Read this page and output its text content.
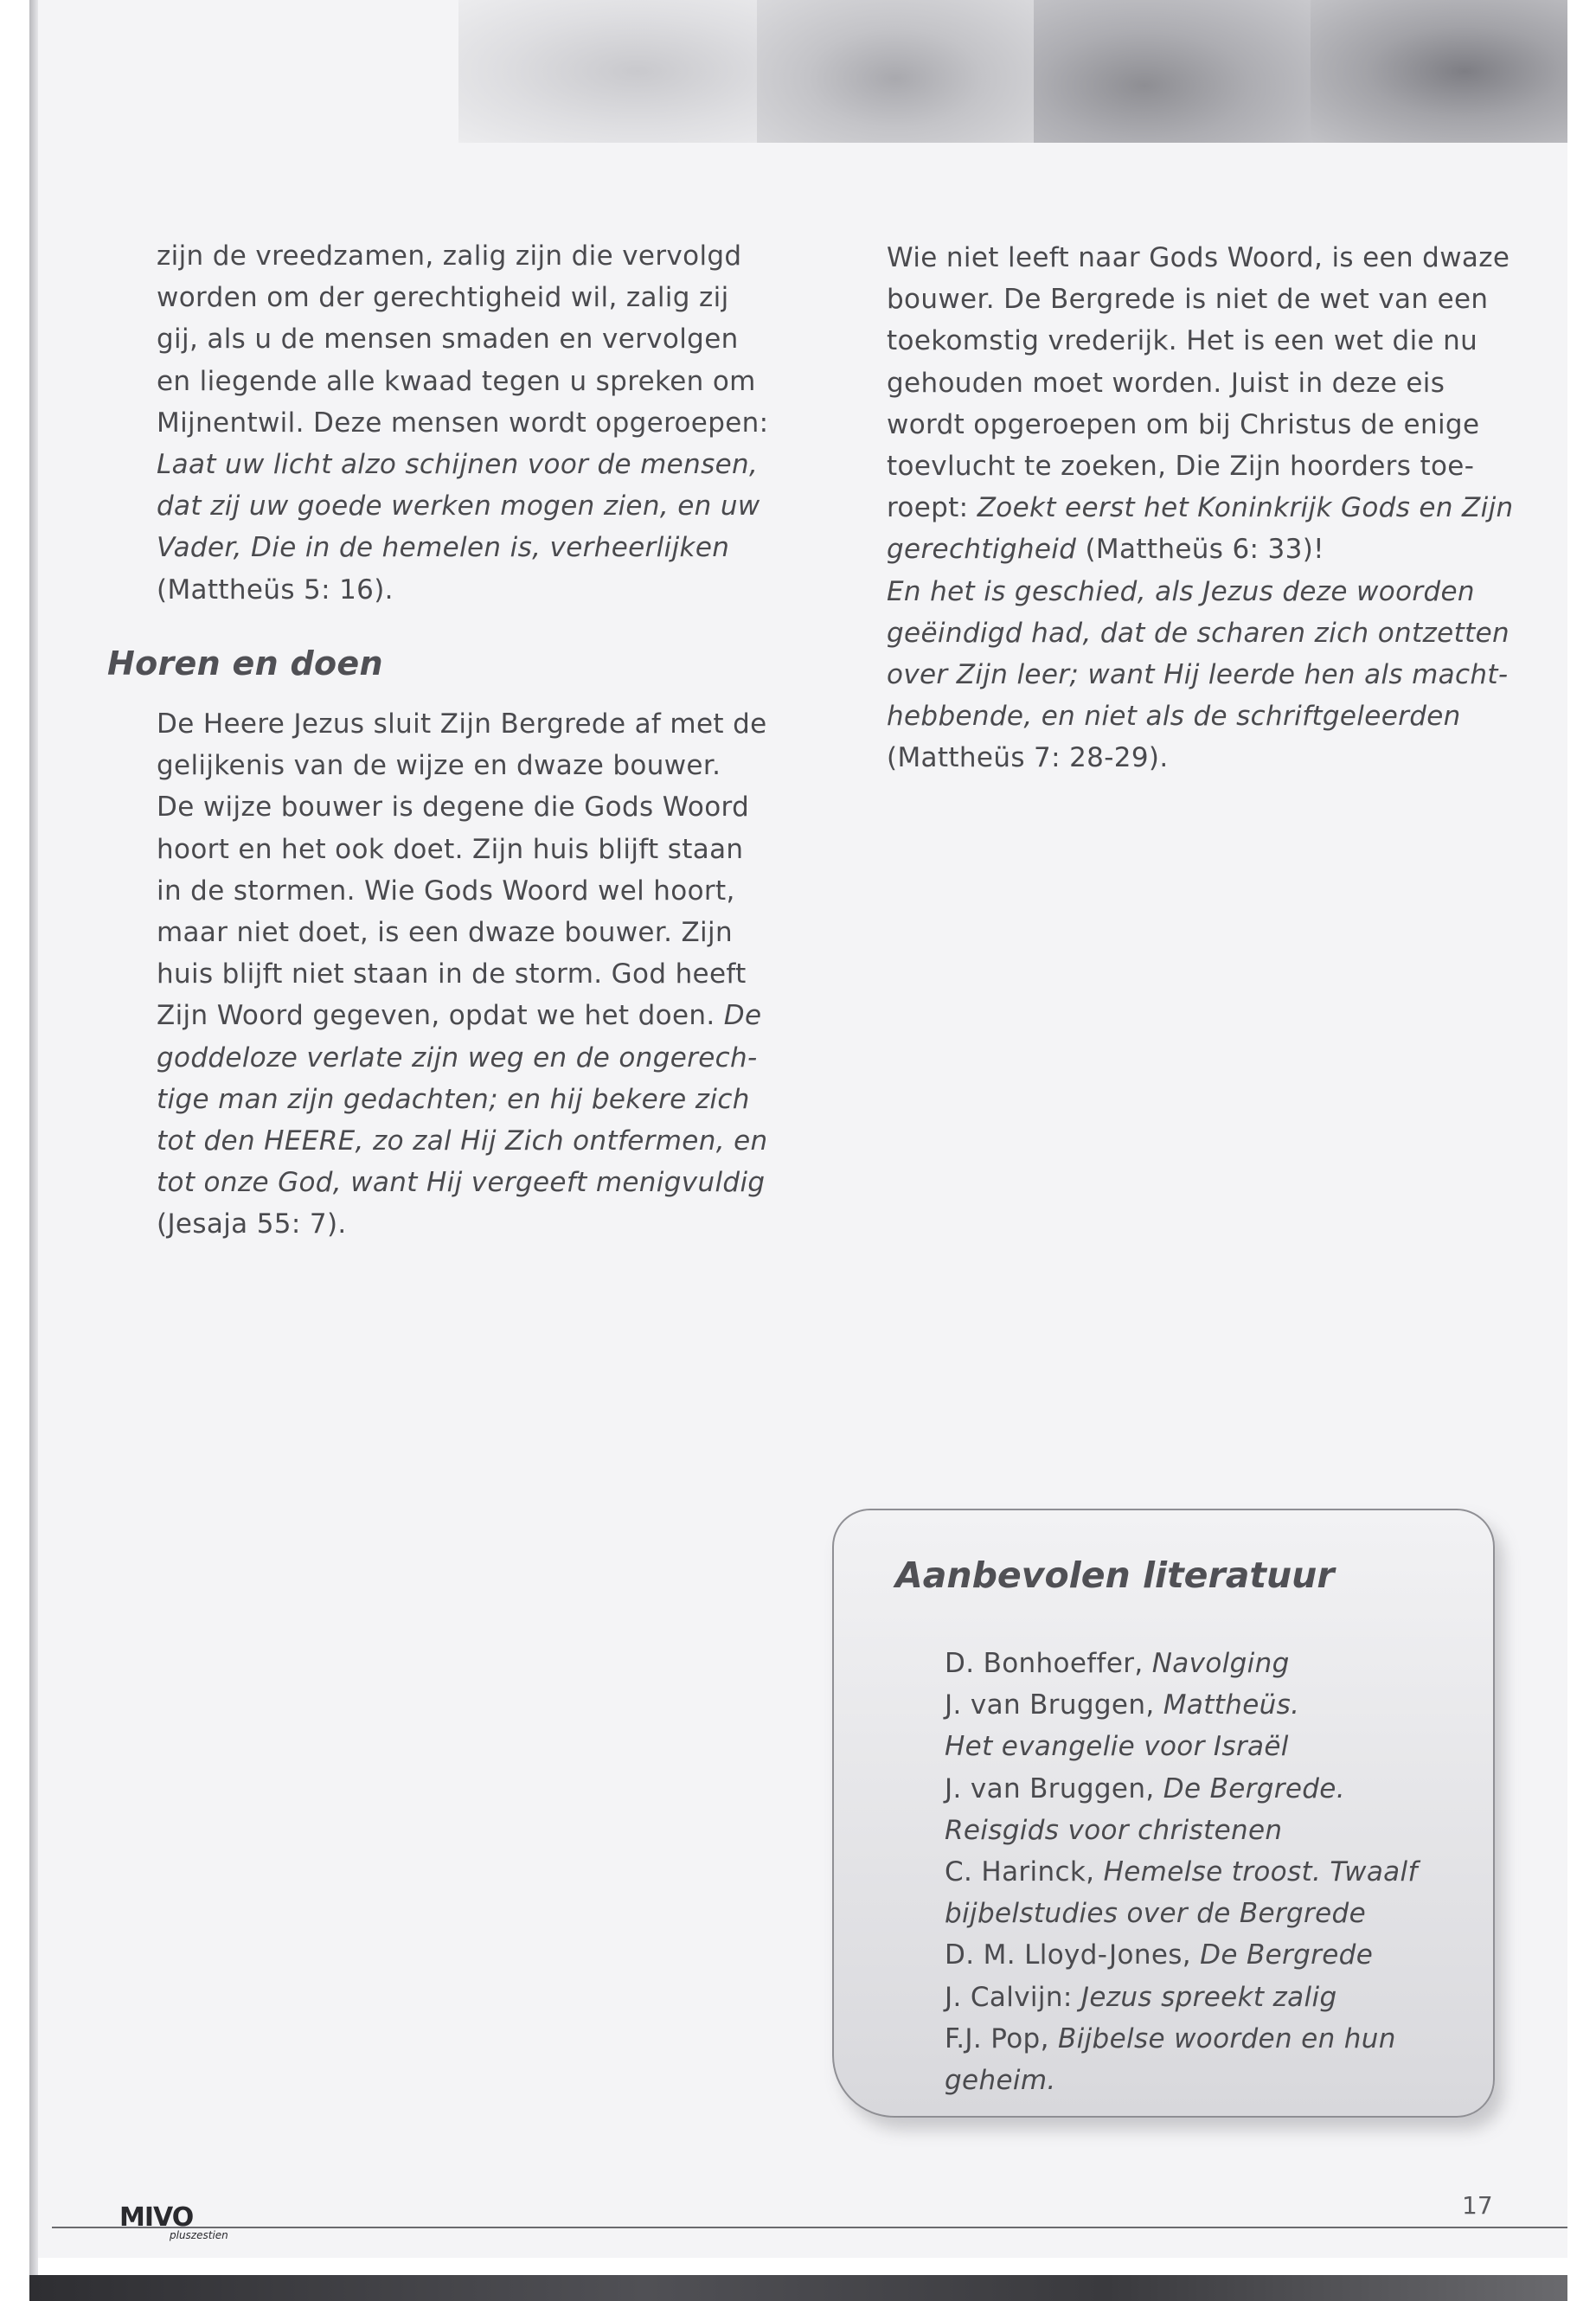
zijn de vreedzamen, zalig zijn die vervolgd
worden om der gerechtigheid wil, zalig zij
gij, als u de mensen smaden en vervolgen
en liegende alle kwaad tegen u spreken om
Mijnentwil. Deze mensen wordt opgeroepen:
Laat uw licht alzo schijnen voor de mensen,
dat zij uw goede werken mogen zien, en uw
Vader, Die in de hemelen is, verheerlijken
(Mattheüs 5: 16).
Horen en doen
De Heere Jezus sluit Zijn Bergrede af met de
gelijkenis van de wijze en dwaze bouwer.
De wijze bouwer is degene die Gods Woord
hoort en het ook doet. Zijn huis blijft staan
in de stormen. Wie Gods Woord wel hoort,
maar niet doet, is een dwaze bouwer. Zijn
huis blijft niet staan in de storm. God heeft
Zijn Woord gegeven, opdat we het doen. De
goddeloze verlate zijn weg en de ongerech-
tige man zijn gedachten; en hij bekere zich
tot den HEERE, zo zal Hij Zich ontfermen, en
tot onze God, want Hij vergeeft menigvuldig
(Jesaja 55: 7).
Wie niet leeft naar Gods Woord, is een dwaze
bouwer. De Bergrede is niet de wet van een
toekomstig vrederijk. Het is een wet die nu
gehouden moet worden. Juist in deze eis
wordt opgeroepen om bij Christus de enige
toevlucht te zoeken, Die Zijn hoorders toe-
roept: Zoekt eerst het Koninkrijk Gods en Zijn
gerechtigheid (Mattheüs 6: 33)!
En het is geschied, als Jezus deze woorden
geëindigd had, dat de scharen zich ontzetten
over Zijn leer; want Hij leerde hen als macht-
hebbende, en niet als de schriftgeleerden
(Mattheüs 7: 28-29).
Aanbevolen literatuur
D. Bonhoeffer, Navolging
J. van Bruggen, Mattheüs.
Het evangelie voor Israël
J. van Bruggen, De Bergrede.
Reisgids voor christenen
C. Harinck, Hemelse troost. Twaalf
bijbelstudies over de Bergrede
D. M. Lloyd-Jones, De Bergrede
J. Calvijn: Jezus spreekt zalig
F.J. Pop, Bijbelse woorden en hun
geheim.
MIVO
pluszestien
17
